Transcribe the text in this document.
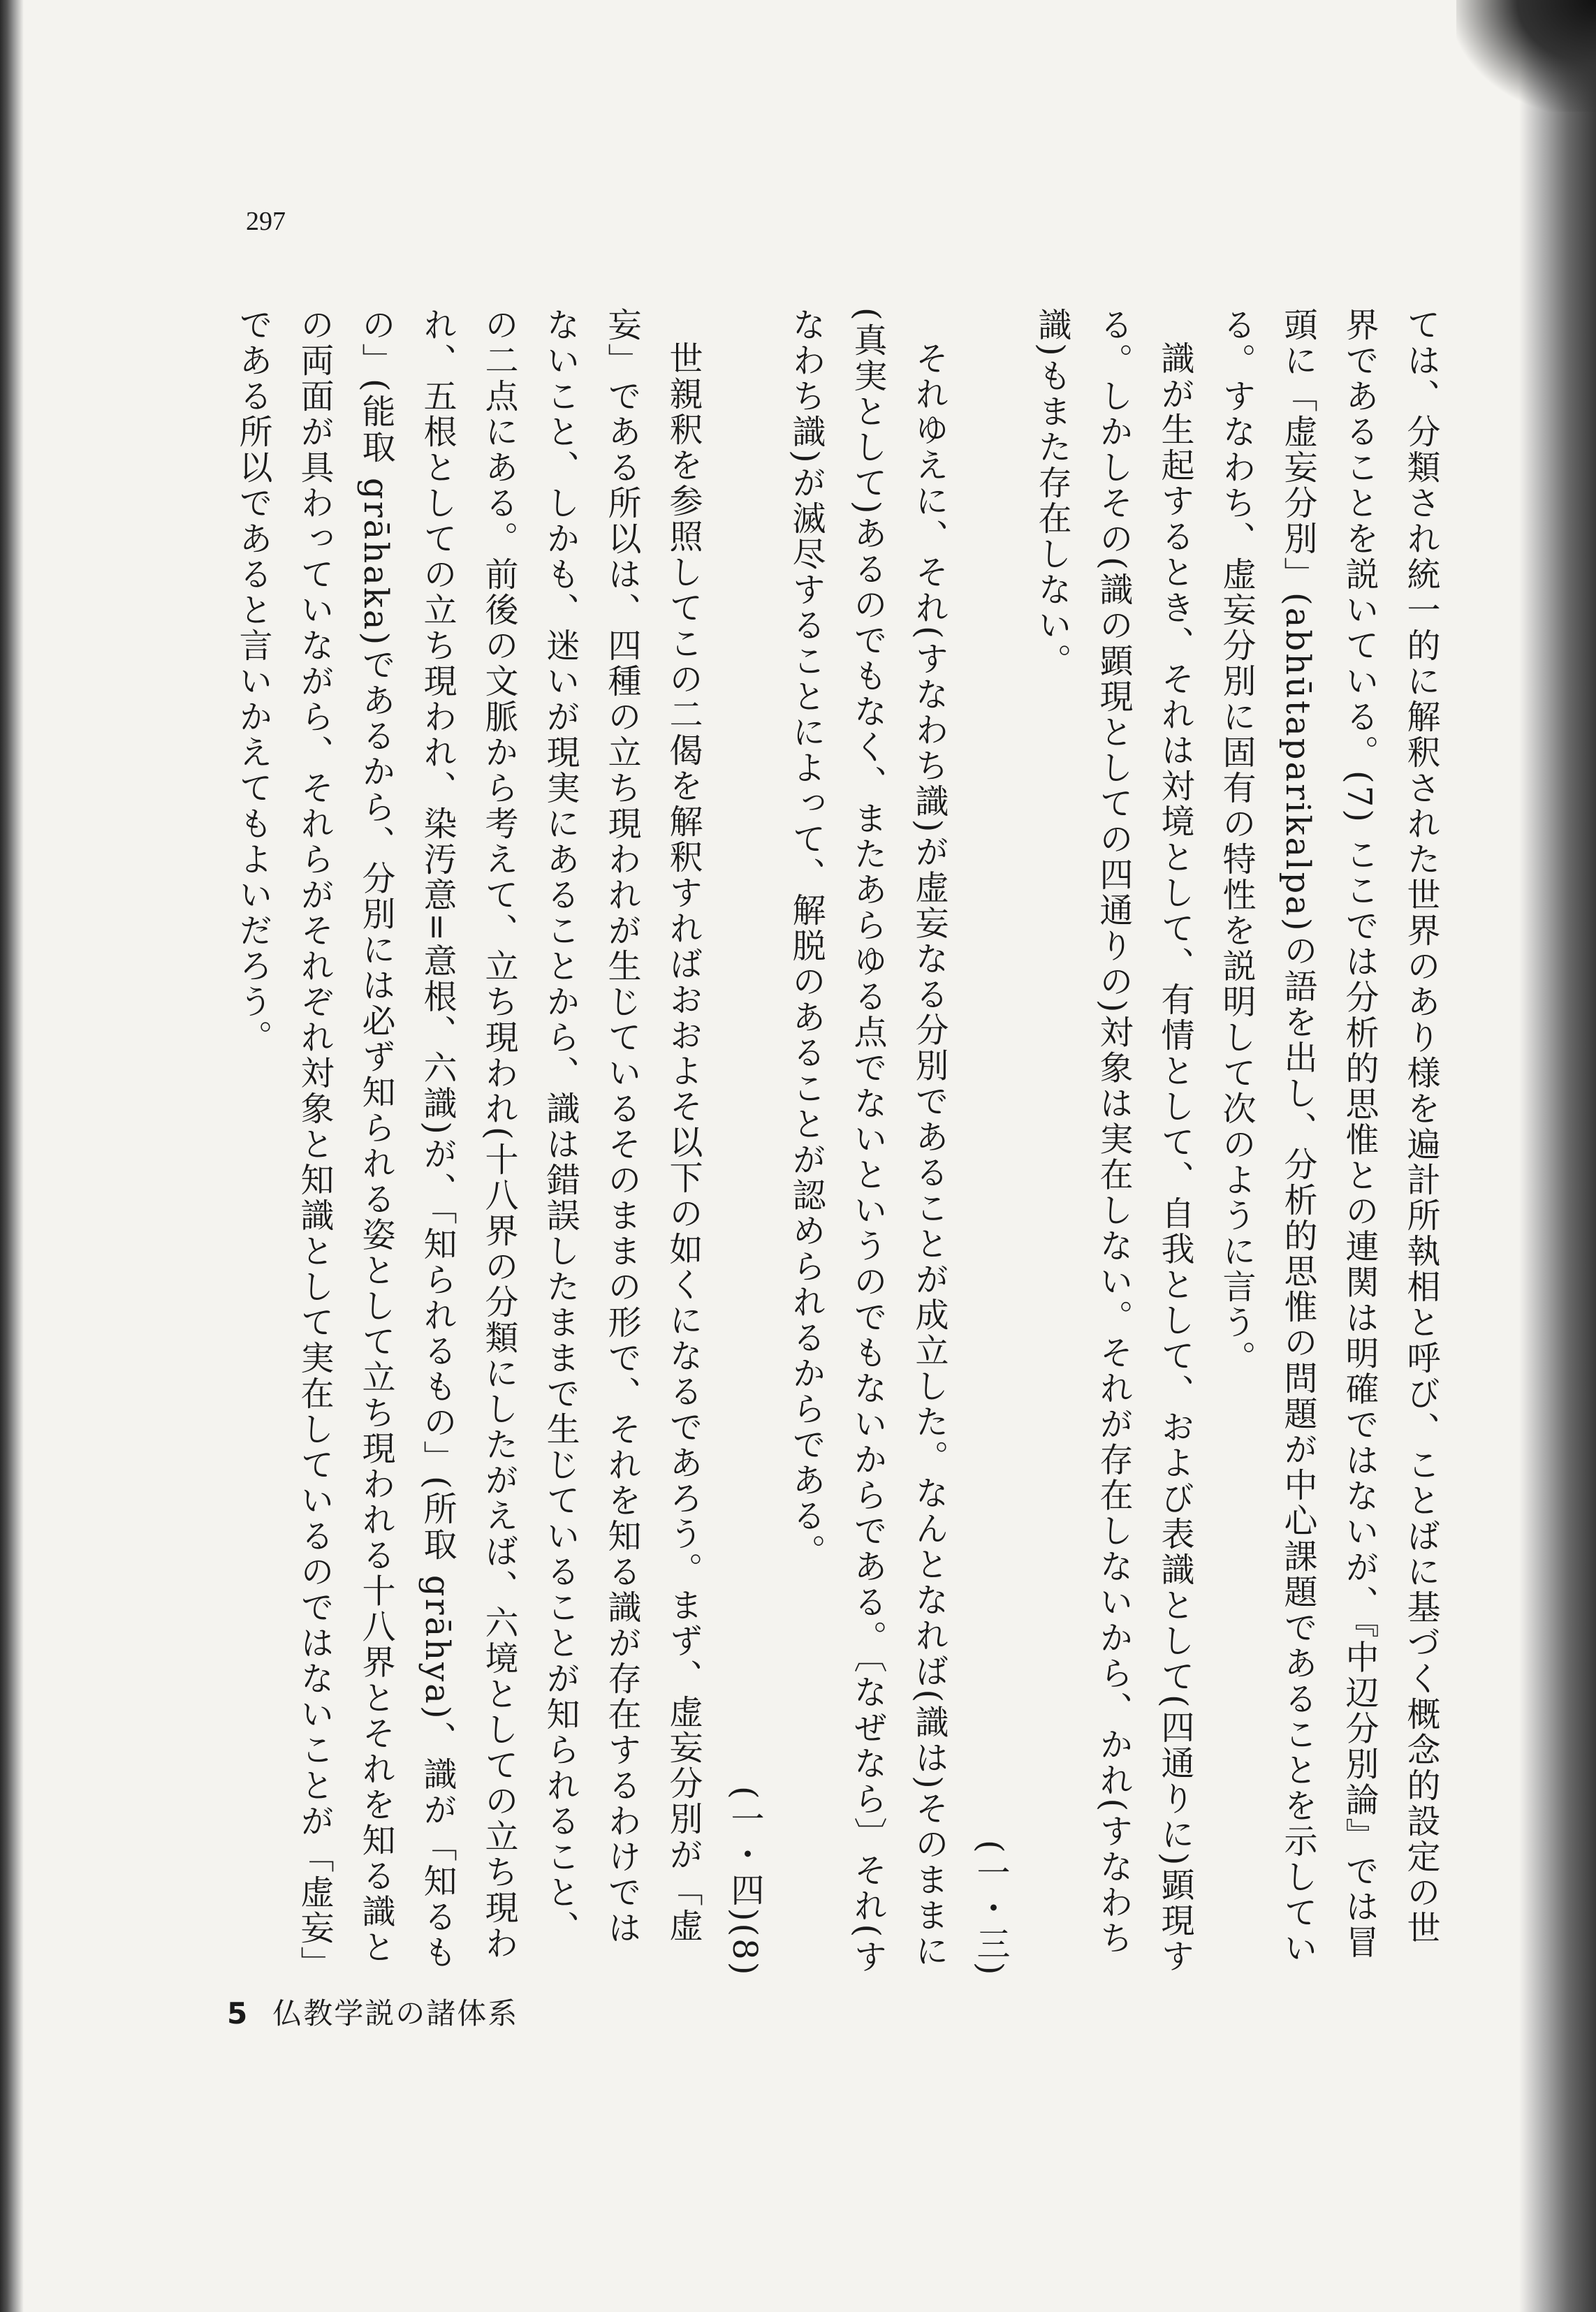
297

ては、分類され統一的に解釈された世界のあり様を遍計所執相と呼び、ことばに基づく概念的設定の世界であることを説いている。(7) ここでは分析的思惟との連関は明確ではないが、『中辺分別論』では冒頭に「虚妄分別」(abhūtaparikalpa)の語を出し、分析的思惟の問題が中心課題であることを示している。すなわち、虚妄分別に固有の特性を説明して次のように言う。

識が生起するとき、それは対境として、有情として、自我として、および表識として(四通りに)顕現する。しかしその(識の顕現としての四通りの)対象は実在しない。それが存在しないから、かれ(すなわち識)もまた存在しない。

(一・三)

それゆえに、それ(すなわち識)が虚妄なる分別であることが成立した。なんとなれば(識は)そのままに(真実として)あるのでもなく、またあらゆる点でないというのでもないからである。〔なぜなら〕それ(すなわち識)が滅尽することによって、解脱のあることが認められるからである。

(一・四)(8)

世親釈を参照してこの二偈を解釈すればおおよそ以下の如くになるであろう。まず、虚妄分別が「虚妄」である所以は、四種の立ち現われが生じているそのままの形で、それを知る識が存在するわけではないこと、しかも、迷いが現実にあることから、識は錯誤したままで生じていることが知られること、の二点にある。前後の文脈から考えて、立ち現われ(十八界の分類にしたがえば、六境としての立ち現われ、五根としての立ち現われ、染汚意=意根、六識)が、「知られるもの」(所取 grāhya)、識が「知るもの」(能取 grāhaka)であるから、分別には必ず知られる姿として立ち現われる十八界とそれを知る識との両面が具わっていながら、それらがそれぞれ対象と知識として実在しているのではないことが「虚妄」である所以であると言いかえてもよいだろう。

5 仏教学説の諸体系
